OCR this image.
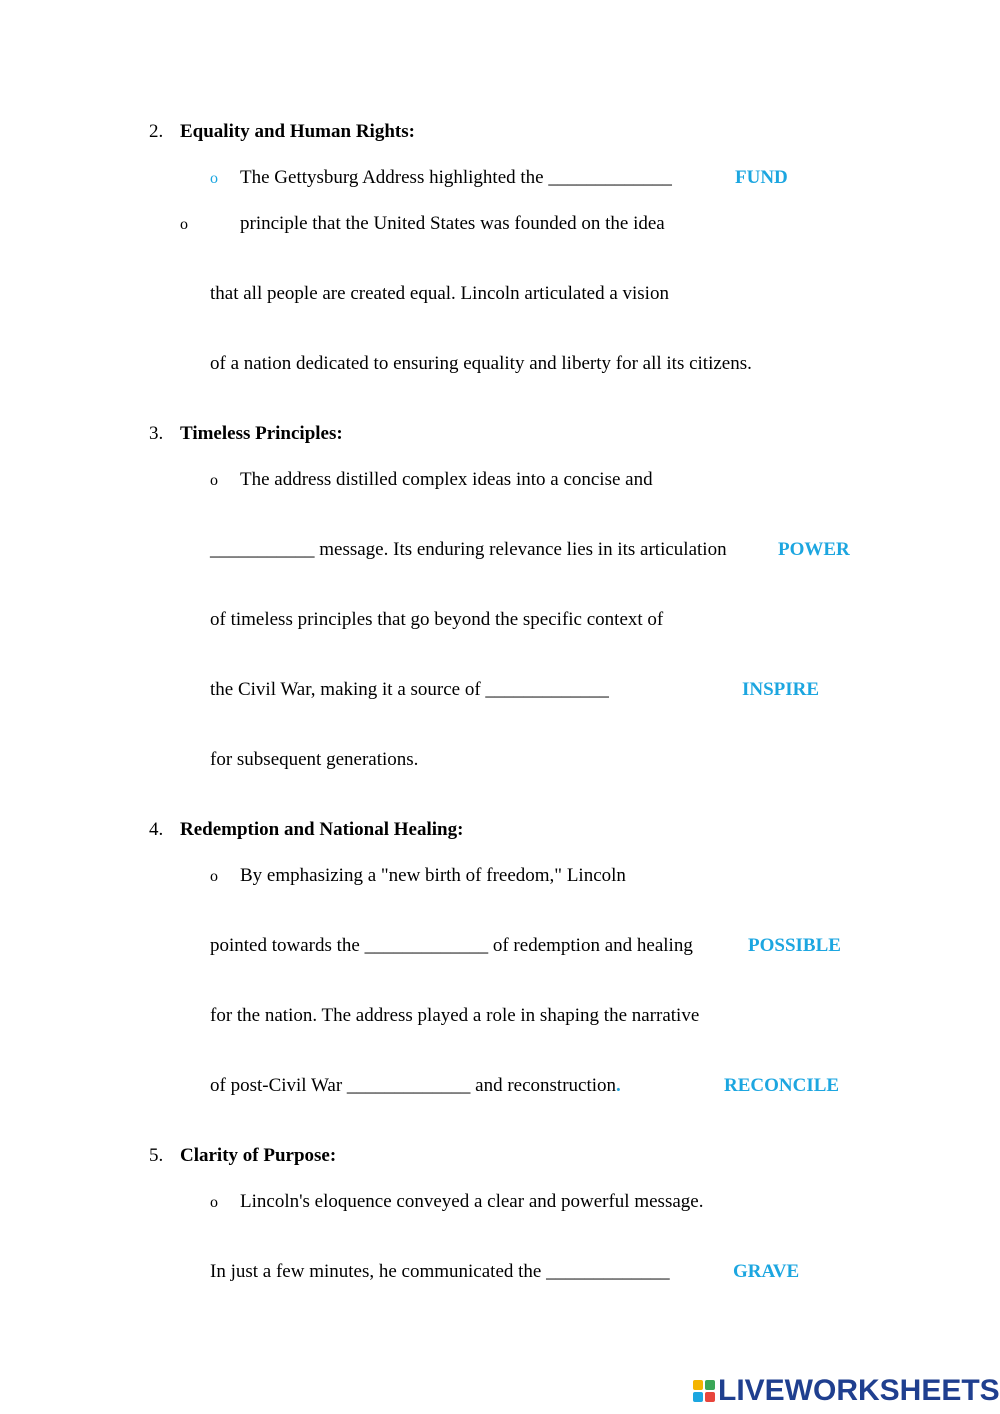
2. Equality and Human Rights:
o The Gettysburg Address highlighted the _____________	FUND
o	principle that the United States was founded on the idea
that all people are created equal. Lincoln articulated a vision
of a nation dedicated to ensuring equality and liberty for all its citizens.
3. Timeless Principles:
o The address distilled complex ideas into a concise and
___________ message. Its enduring relevance lies in its articulation	POWER
of timeless principles that go beyond the specific context of
the Civil War, making it a source of _____________	INSPIRE
for subsequent generations.
4. Redemption and National Healing:
o By emphasizing a "new birth of freedom," Lincoln
pointed towards the _____________ of redemption and healing	POSSIBLE
for the nation. The address played a role in shaping the narrative
of post-Civil War _____________ and reconstruction.	RECONCILE
5. Clarity of Purpose:
o Lincoln's eloquence conveyed a clear and powerful message.
In just a few minutes, he communicated the _____________	GRAVE
LIVEWORKSHEETS
